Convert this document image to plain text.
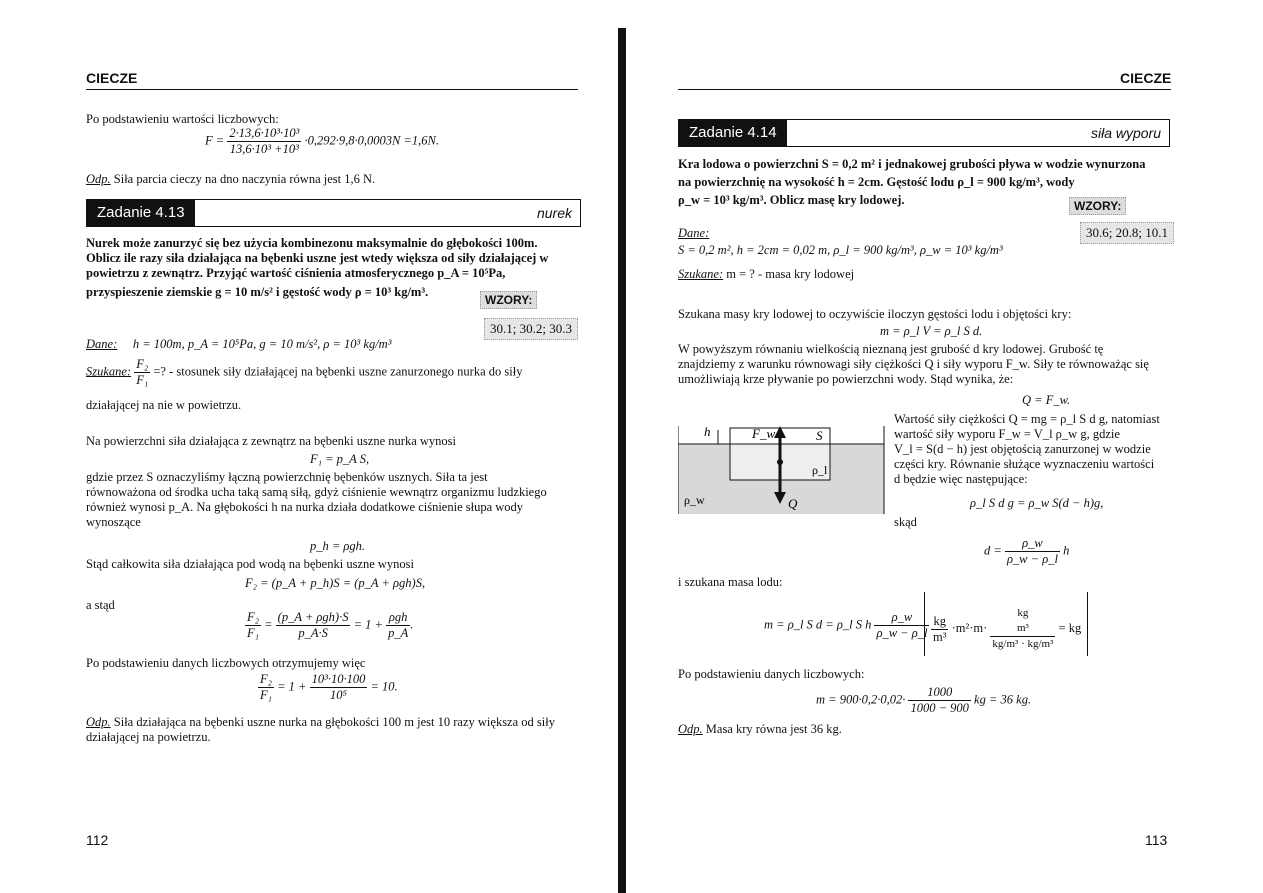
CIECZE
Po podstawieniu wartości liczbowych:
$F = \frac{\text{2·13,6·10³·10³}}{\text{13,6·10³ +10³}} \cdot 0,292\cdot 9,8\cdot 0,0003N =1,6N$.
Odp. Siła parcia cieczy na dno naczynia równa jest 1,6 N.
Zadanie 4.13	nurek
Nurek może zanurzyć się bez użycia kombinezonu maksymalnie do głębokości 100m.
Oblicz ile razy siła działająca na bębenki uszne jest wtedy większa od siły działającej w
powietrzu z zewnątrz. Przyjąć wartość ciśnienia atmosferycznego p_A = 10⁵Pa,
przyspieszenie ziemskie g = 10 m/s² i gęstość wody ρ = 10³ kg/m³.
WZORY:
30.1; 30.2; 30.3
Dane: h = 100m, p_A = 10⁵Pa, g = 10 m/s², ρ = 10³ kg/m³
Szukane: $\frac{\text{F₂}}{\text{F₁}}$ =? - stosunek siły działającej na bębenki uszne zanurzonego nurka do siły
działającej na nie w powietrzu.
Na powierzchni siła działająca z zewnątrz na bębenki uszne nurka wynosi
F₁ = p_A S,
gdzie przez S oznaczyliśmy łączną powierzchnię bębenków usznych. Siła ta jest
równoważona od środka ucha taką samą siłą, gdyż ciśnienie wewnątrz organizmu ludzkiego
również wynosi p_A. Na głębokości h na nurka działa dodatkowe ciśnienie słupa wody
wynoszące
p_h = ρgh.
Stąd całkowita siła działająca pod wodą na bębenki uszne wynosi
F₂ = (p_A + p_h)S = (p_A + ρgh)S,
a stąd
$\frac{\text{F₂}}{\text{F₁}} = \frac{\text{(p\_A + ρgh)·S}}{p\_A\cdot S} = 1 + \frac{\text{ρgh}}{p\_A}$ .
Po podstawieniu danych liczbowych otrzymujemy więc
$\frac{\text{F₂}}{\text{F₁}} = 1 + \frac{\text{10³·10·100}}{\text{10⁵}} = 10$.
Odp. Siła działająca na bębenki uszne nurka na głębokości 100 m jest 10 razy większa od siły
działającej na powietrzu.
112
CIECZE
Zadanie 4.14	siła wyporu
Kra lodowa o powierzchni S = 0,2 m² i jednakowej grubości pływa w wodzie wynurzona
na powierzchnię na wysokość h = 2cm. Gęstość lodu ρ_l = 900 kg/m³, wody
ρ_w = 10³ kg/m³. Oblicz masę kry lodowej.	WZORY:
30.6; 20.8; 10.1
Dane:
S = 0,2 m², h = 2cm = 0,02 m, ρ_l = 900 kg/m³, ρ_w = 10³ kg/m³
Szukane: m = ? - masa kry lodowej
Szukana masy kry lodowej to oczywiście iloczyn gęstości lodu i objętości kry:
m = ρ_l V = ρ_l S d.
W powyższym równaniu wielkością nieznaną jest grubość d kry lodowej. Grubość tę
znajdziemy z warunku równowagi siły ciężkości Q i siły wyporu F_w. Siły te równoważąc się
umożliwiają krze pływanie po powierzchni wody. Stąd wynika, że:
Q = F_w.
h	F_w	S
ρ_l
ρ_w	Q
Wartość siły ciężkości Q = mg = ρ_l S d g, natomiast
wartość siły wyporu F_w = V_l ρ_w g, gdzie
V_l = S(d − h) jest objętością zanurzonej w wodzie
części kry. Równanie służące wyznaczeniu wartości
d będzie więc następujące:
ρ_l S d g = ρ_w S(d − h)g,
skąd
$d = \frac{\rho\_w}{\rho\_w - \rho\_l}$ h
i szukana masa lodu:
m = ρ_l S d = ρ_l S h $\frac{\rho\_w}{\rho\_w - \rho\_l} \frac{kg}{\text{m³}} \cdot m^2\cdot m\cdot$
kg
m³
kg/m³ · kg/m³
= kg
Po podstawieniu danych liczbowych:
$m = 900\cdot 0,2\cdot 0,02\cdot \frac{1000}{1000 - 900}$ kg = 36 kg.
Odp. Masa kry równa jest 36 kg.
113
